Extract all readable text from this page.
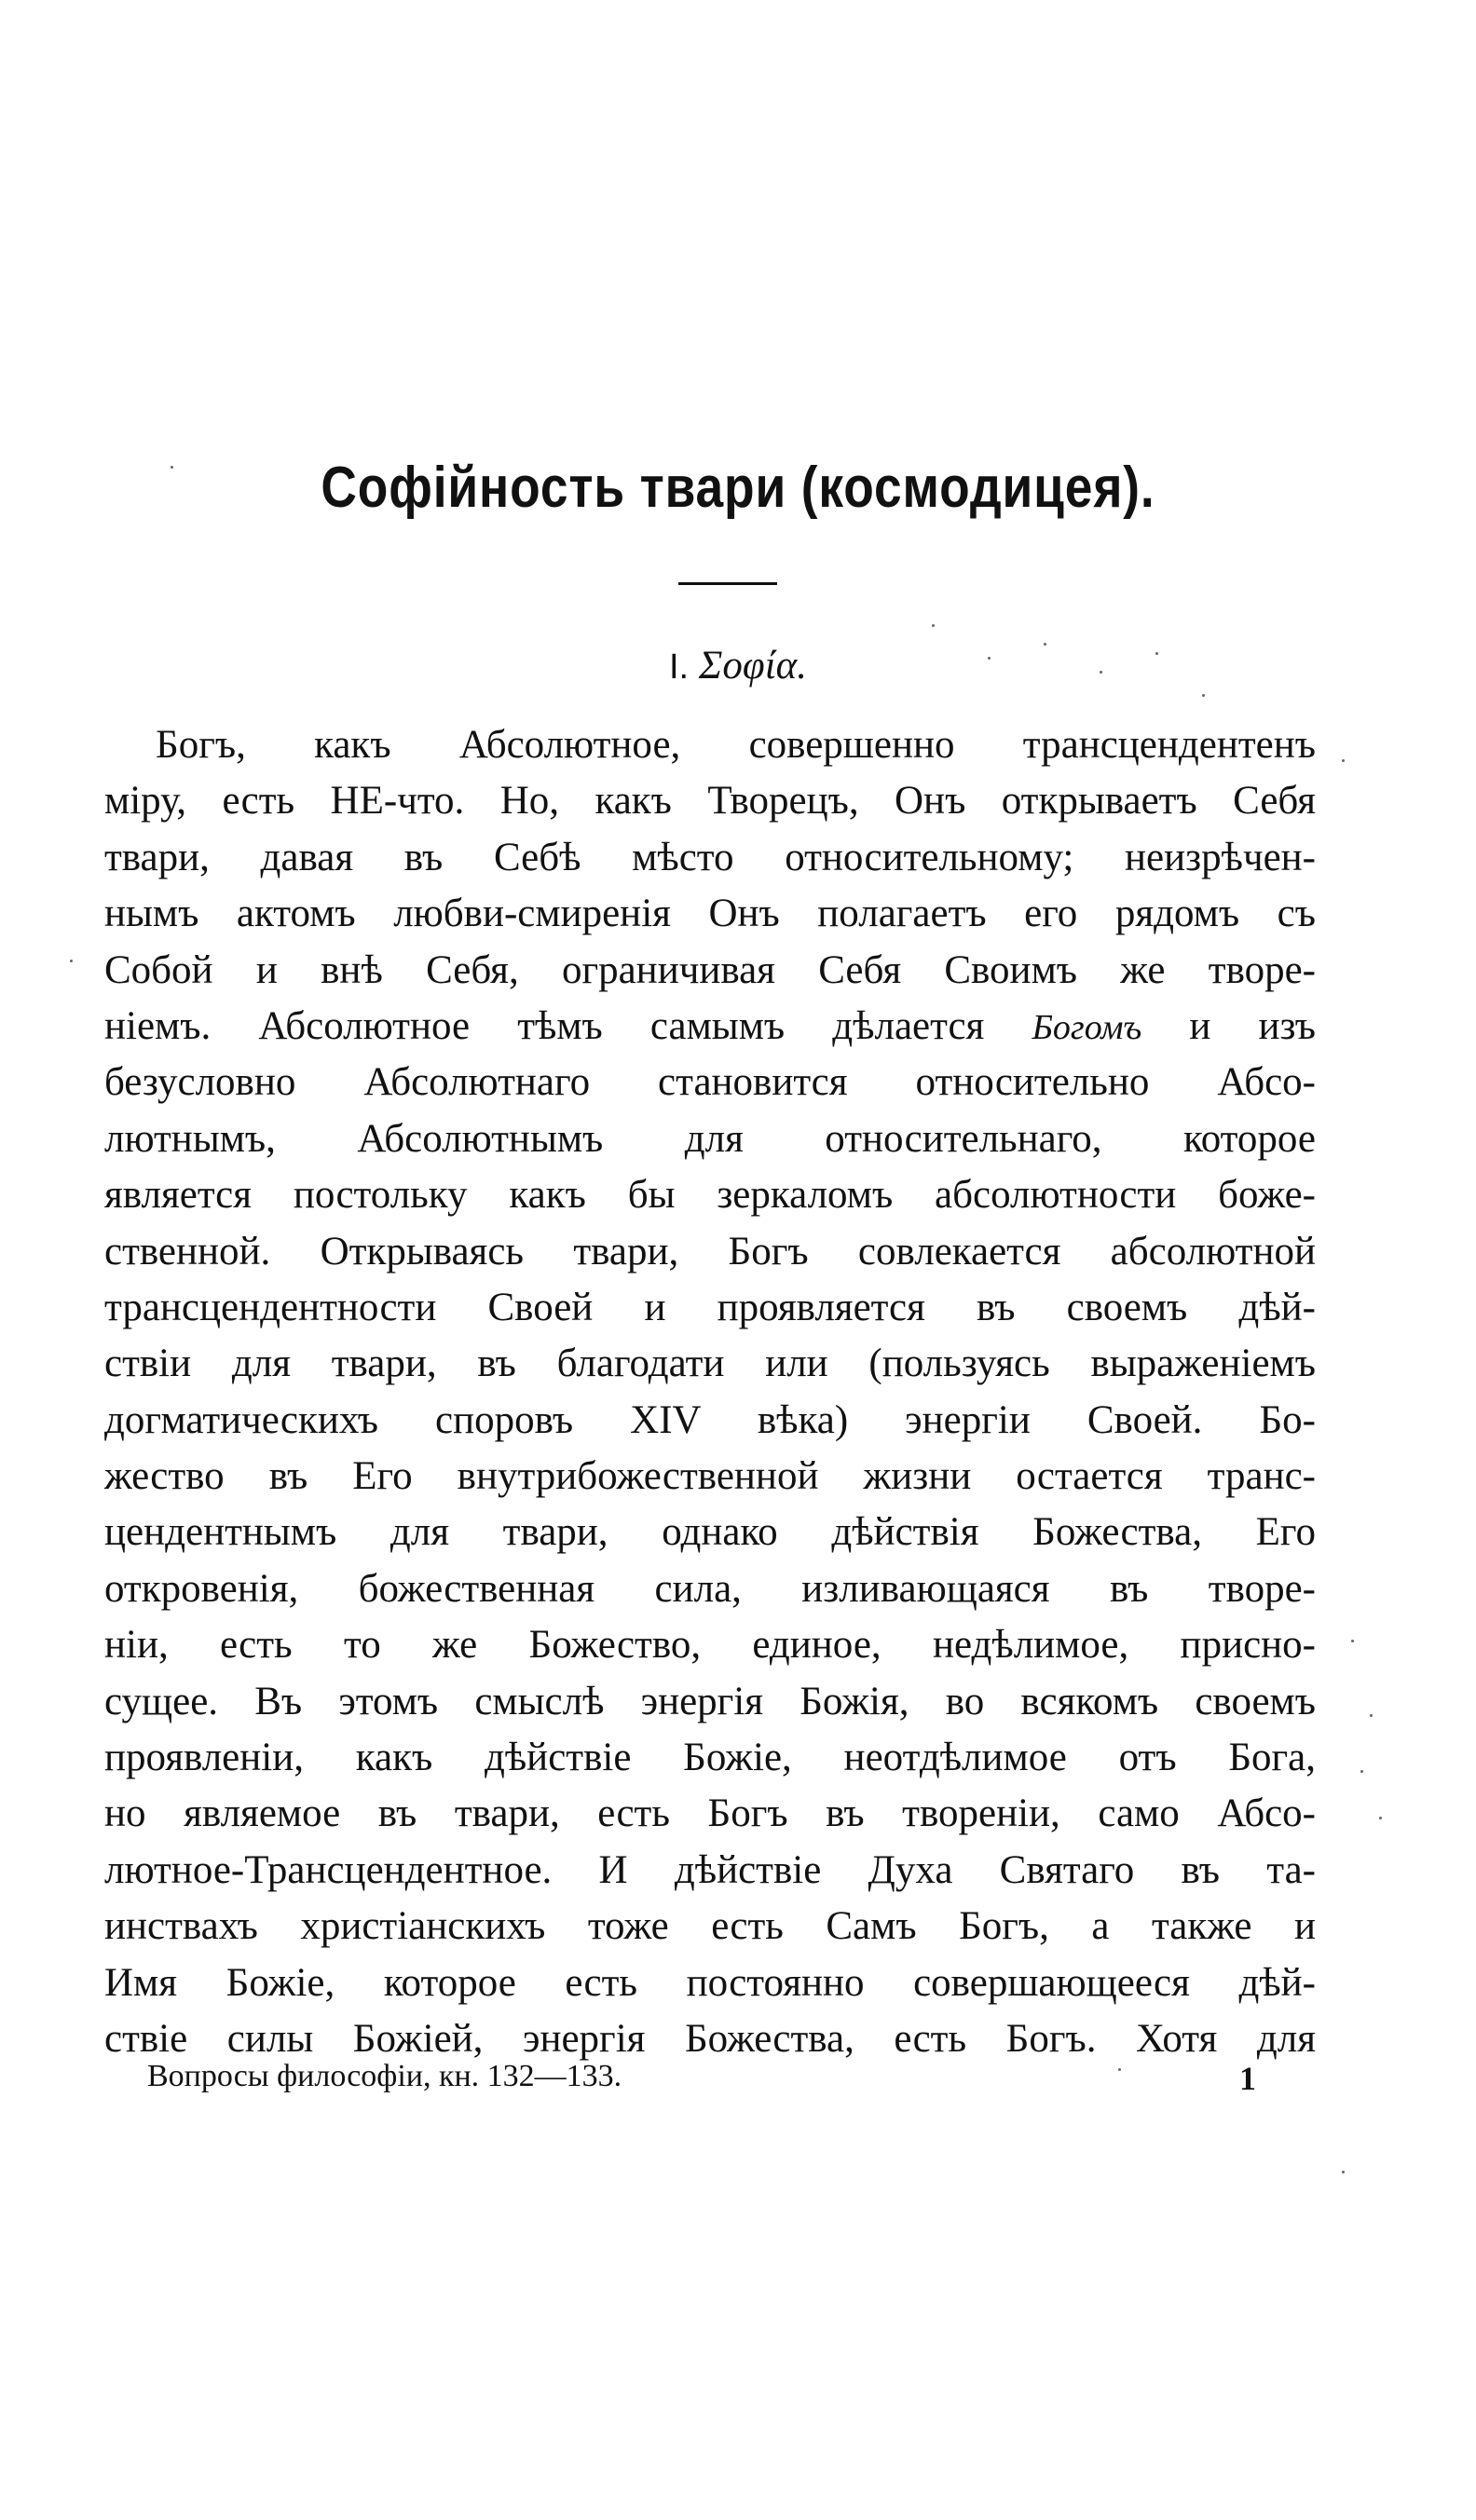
Софійность твари (космодицея).
I. Σοφία.
Богъ, какъ Абсолютное, совершенно трансцендентенъ
міру, есть НЕ-что. Но, какъ Творецъ, Онъ открываетъ Себя
твари, давая въ Себѣ мѣсто относительному; неизрѣчен-
нымъ актомъ любви-смиренія Онъ полагаетъ его рядомъ съ
Собой и внѣ Себя, ограничивая Себя Своимъ же творе-
ніемъ. Абсолютное тѣмъ самымъ дѣлается Богомъ и изъ
безусловно Абсолютнаго становится относительно Абсо-
лютнымъ, Абсолютнымъ для относительнаго, которое
является постольку какъ бы зеркаломъ абсолютности боже-
ственной. Открываясь твари, Богъ совлекается абсолютной
трансцендентности Своей и проявляется въ своемъ дѣй-
ствіи для твари, въ благодати или (пользуясь выраженіемъ
догматическихъ споровъ XIV вѣка) энергіи Своей. Бо-
жество въ Его внутрибожественной жизни остается транс-
цендентнымъ для твари, однако дѣйствія Божества, Его
откровенія, божественная сила, изливающаяся въ творе-
ніи, есть то же Божество, единое, недѣлимое, присно-
сущее. Въ этомъ смыслѣ энергія Божія, во всякомъ своемъ
проявленіи, какъ дѣйствіе Божіе, неотдѣлимое отъ Бога,
но являемое въ твари, есть Богъ въ твореніи, само Абсо-
лютное-Трансцендентное. И дѣйствіе Духа Святаго въ та-
инствахъ христіанскихъ тоже есть Самъ Богъ, а также и
Имя Божіе, которое есть постоянно совершающееся дѣй-
ствіе силы Божіей, энергія Божества, есть Богъ. Хотя для
Вопросы философіи, кн. 132—133.	1
